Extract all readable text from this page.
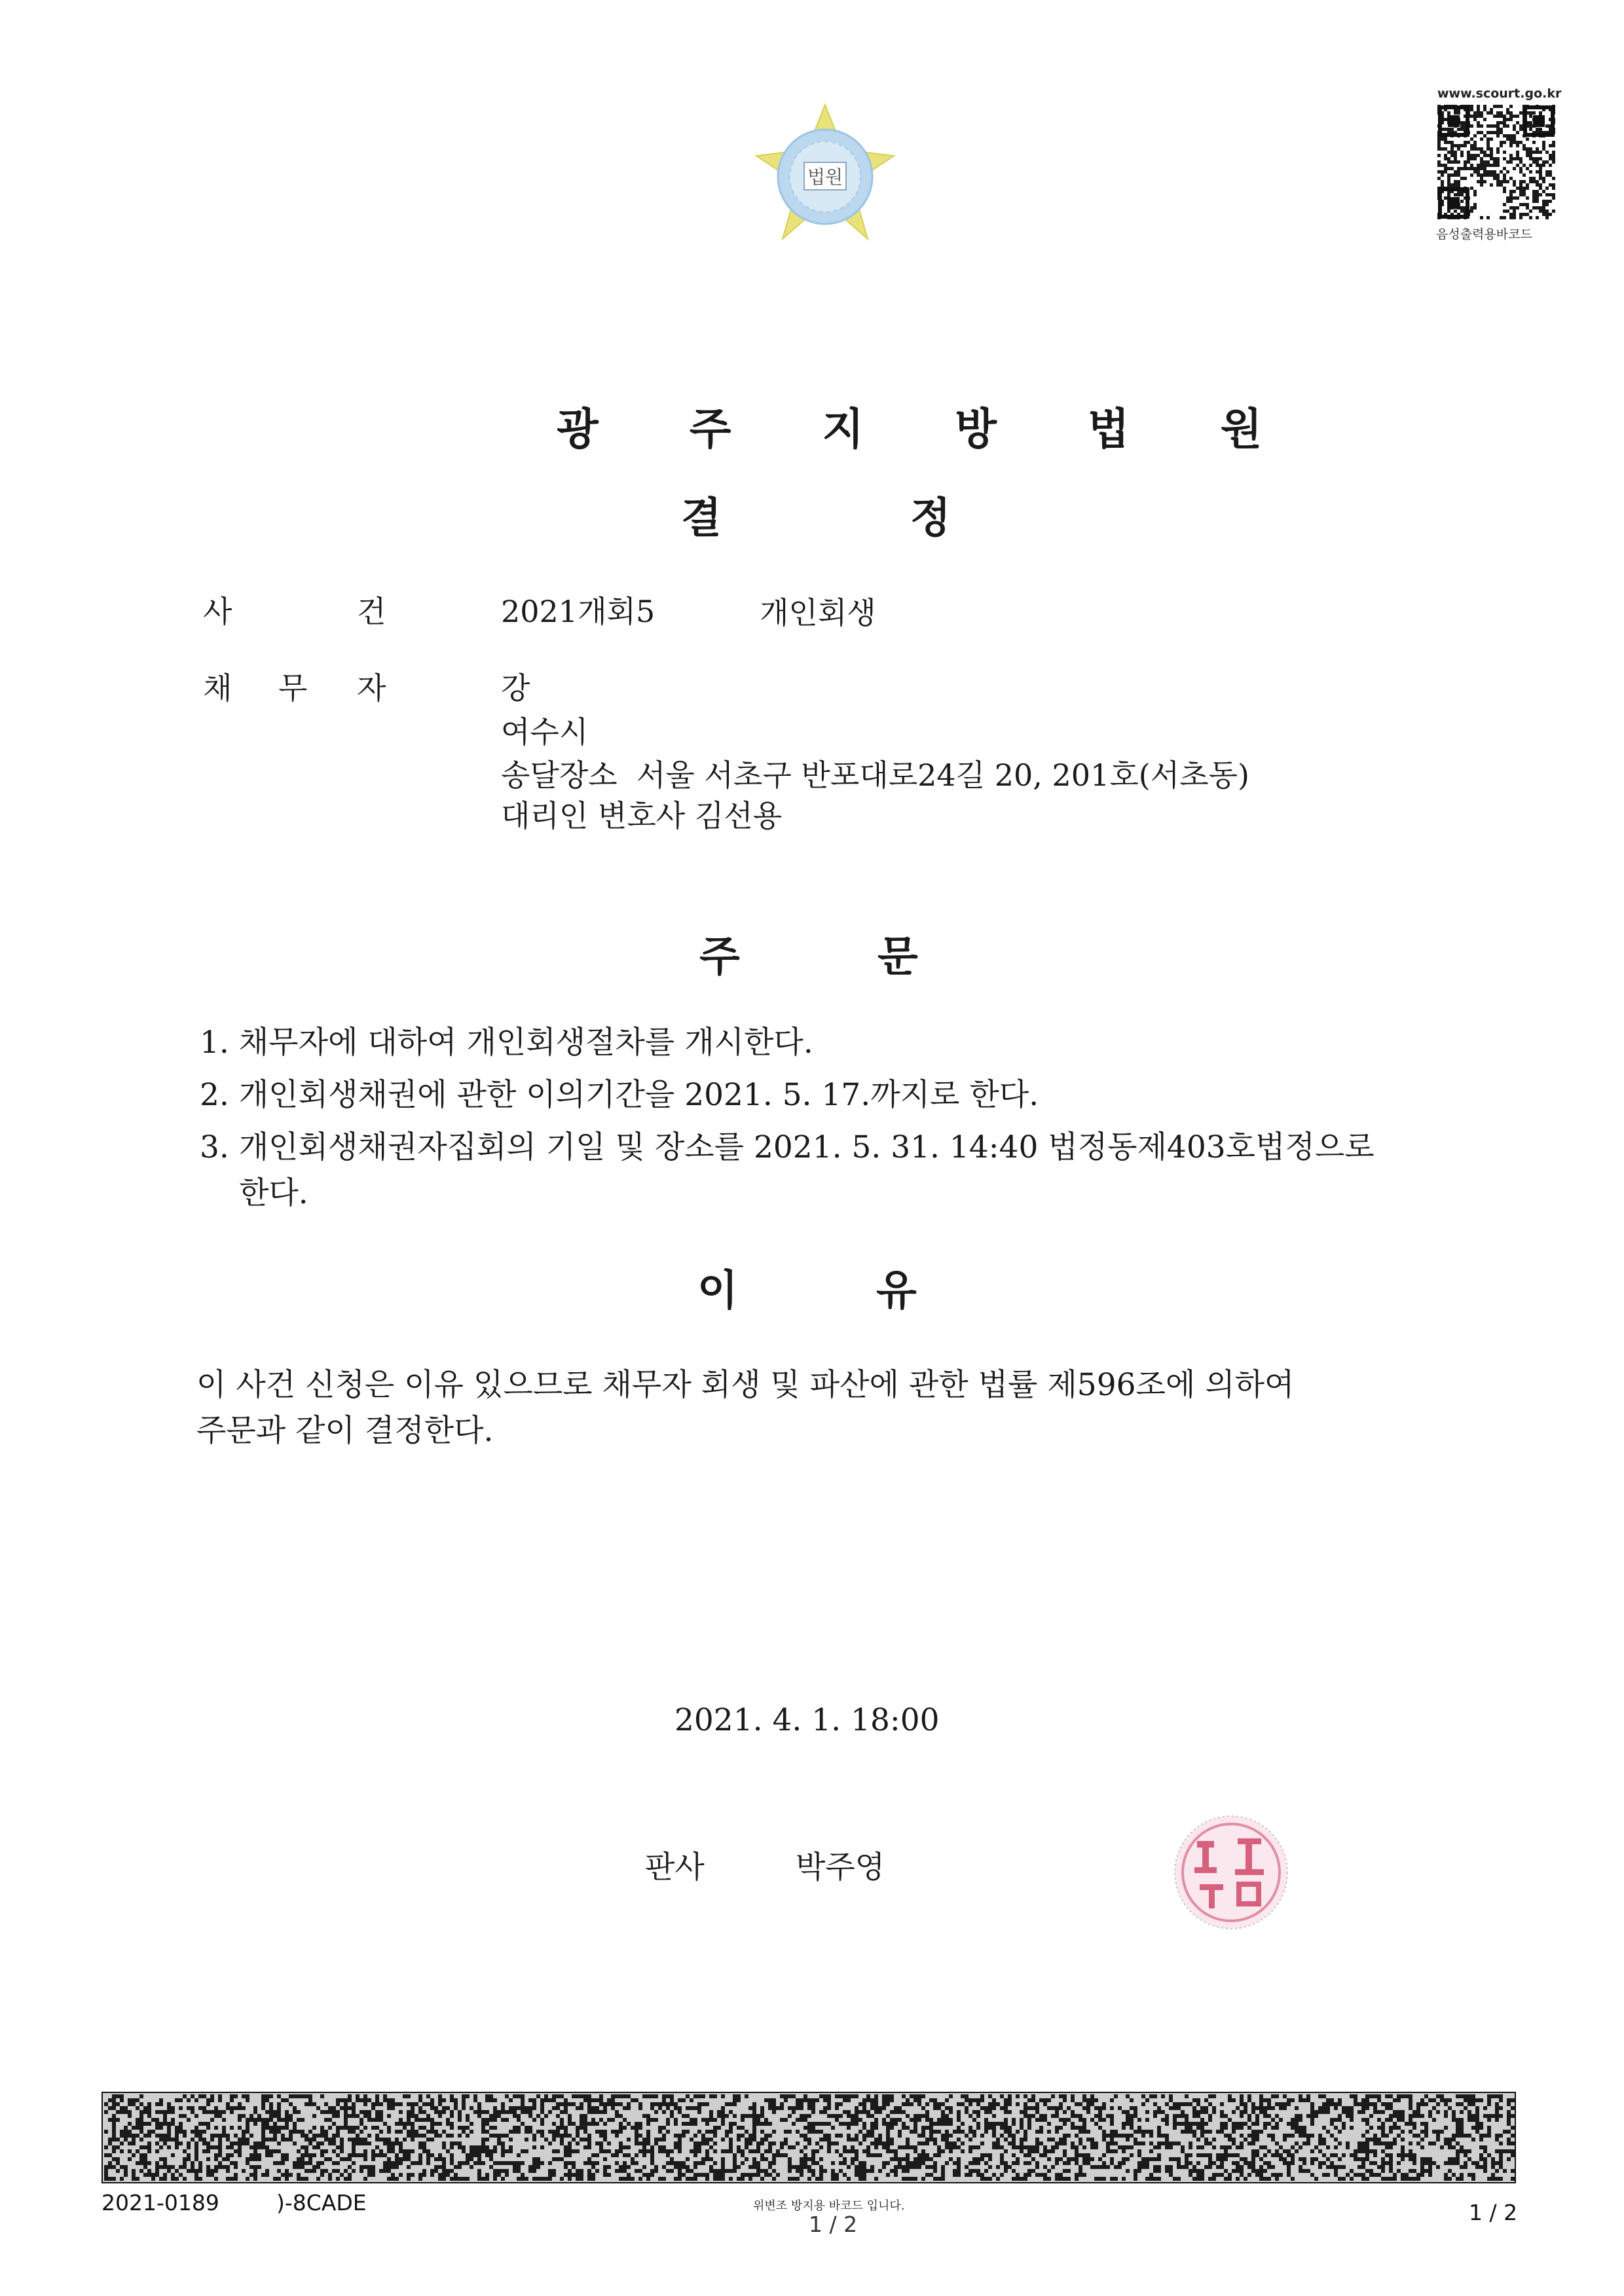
법원
www.scourt.go.kr
음성출력용바코드
광 주 지 방 법 원
결	정
사	건	2021개회5	개인회생
채 무 자	강
여수시
송달장소  서울 서초구 반포대로24길 20, 201호(서초동)
대리인 변호사 김선용
주	문
1. 채무자에 대하여 개인회생절차를 개시한다.
2. 개인회생채권에 관한 이의기간을 2021. 5. 17.까지로 한다.
3. 개인회생채권자집회의 기일 및 장소를 2021. 5. 31. 14:40 법정동제403호법정으로
한다.
이	유
이 사건 신청은 이유 있으므로 채무자 회생 및 파산에 관한 법률 제596조에 의하여
주문과 같이 결정한다.
2021. 4. 1. 18:00
판사	박주영
2021-0189	)-8CADE	위변조 방지용 바코드 입니다.
1 / 2	1 / 2
